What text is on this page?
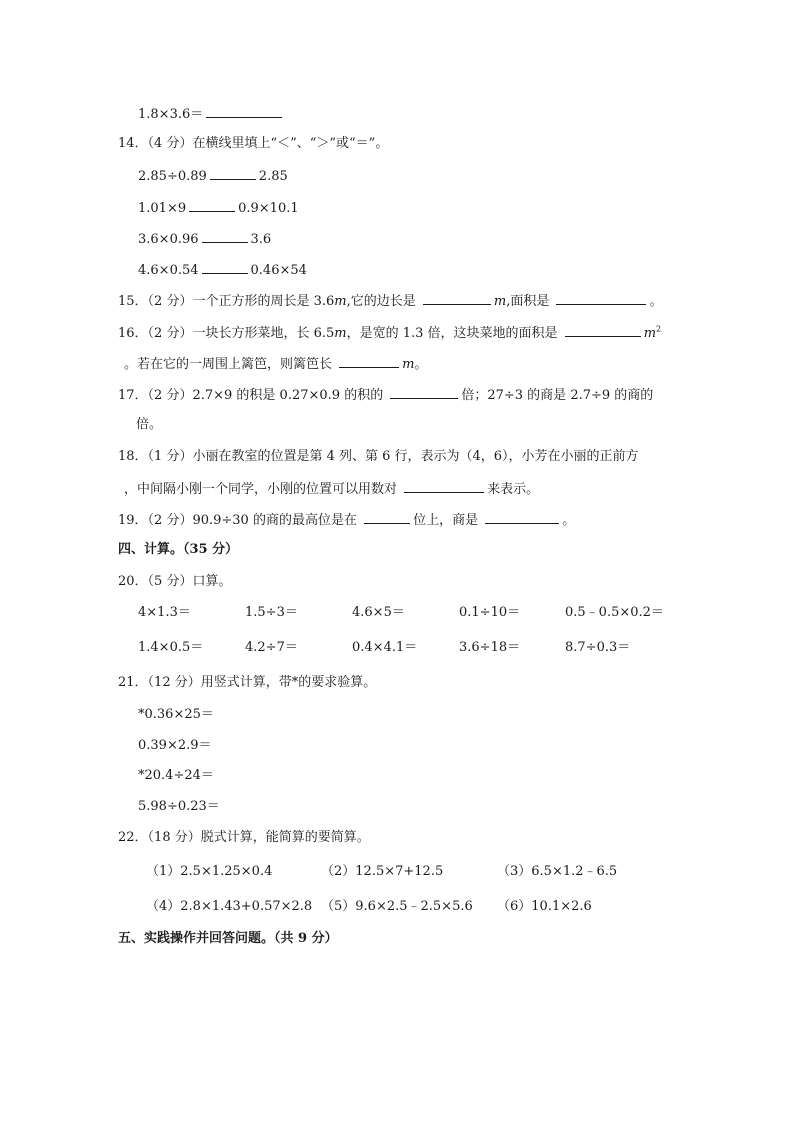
1.8×3.6＝
14．（4 分）在横线里填上“＜”、“＞”或“＝”。
2.85÷0.89	2.85
1.01×9	0.9×10.1
3.6×0.96	3.6
4.6×0.54	0.46×54
15．（2 分）一个正方形的周长是 3.6m,它的边长是	m,面积是	。
16．（2 分）一块长方形菜地，长 6.5m，是宽的 1.3 倍，这块菜地的面积是	$m^2$
。若在它的一周围上篱笆，则篱笆长	m。
17．（2 分）2.7×9 的积是 0.27×0.9 的积的	倍；27÷3 的商是 2.7÷9 的商的
倍。
18．（1 分）小丽在教室的位置是第 4 列、第 6 行，表示为（4，6），小芳在小丽的正前方
，中间隔小刚一个同学，小刚的位置可以用数对	来表示。
19．（2 分）90.9÷30 的商的最高位是在	位上，商是	。
四、计算。（35 分）
20．（5 分）口算。
4×1.3＝	1.5÷3＝	4.6×5＝	0.1÷10＝	0.5﹣0.5×0.2＝
1.4×0.5＝	4.2÷7＝	0.4×4.1＝	3.6÷18＝	8.7÷0.3＝
21．（12 分）用竖式计算，带*的要求验算。
*0.36×25＝
0.39×2.9＝
*20.4÷24＝
5.98÷0.23＝
22．（18 分）脱式计算，能简算的要简算。
（1）2.5×1.25×0.4	（2）12.5×7+12.5	（3）6.5×1.2﹣6.5
（4）2.8×1.43+0.57×2.8 （5）9.6×2.5﹣2.5×5.6 （6）10.1×2.6
五、实践操作并回答问题。（共 9 分）
